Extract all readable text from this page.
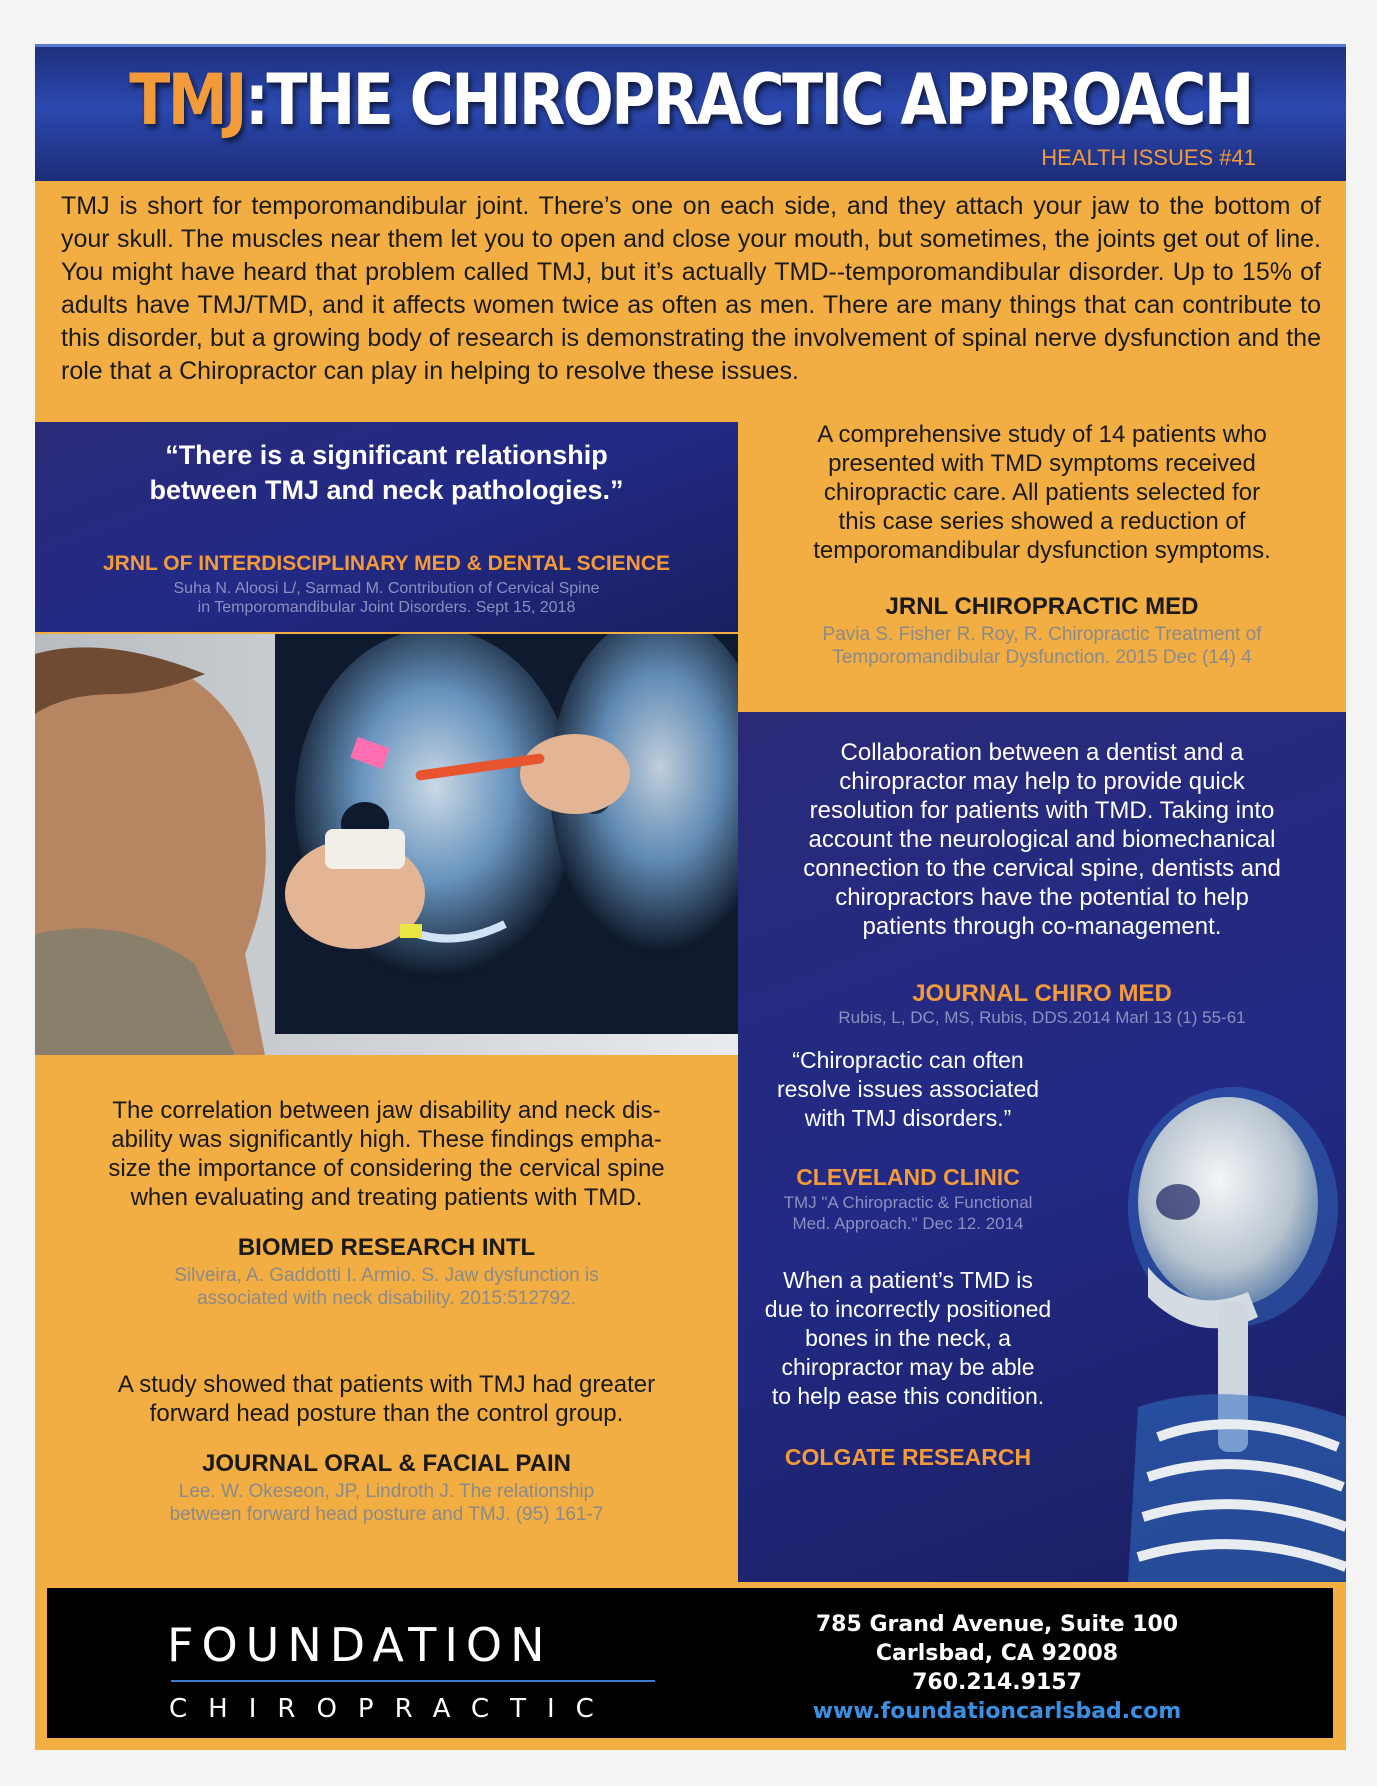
TMJ:THE CHIROPRACTIC APPROACH
HEALTH ISSUES #41

TMJ is short for temporomandibular joint. There’s one on each side, and they attach your jaw to the bottom of your skull. The muscles near them let you to open and close your mouth, but sometimes, the joints get out of line. You might have heard that problem called TMJ, but it’s actually TMD--temporomandibular disorder. Up to 15% of adults have TMJ/TMD, and it affects women twice as often as men. There are many things that can contribute to this disorder, but a growing body of research is demonstrating the involvement of spinal nerve dysfunction and the role that a Chiropractor can play in helping to resolve these issues.

“There is a significant relationship
between TMJ and neck pathologies.”
JRNL OF INTERDISCIPLINARY MED & DENTAL SCIENCE
Suha N. Aloosi L/, Sarmad M. Contribution of Cervical Spine
in Temporomandibular Joint Disorders. Sept 15, 2018
A comprehensive study of 14 patients who
presented with TMD symptoms received
chiropractic care. All patients selected for
this case series showed a reduction of
temporomandibular dysfunction symptoms.
JRNL CHIROPRACTIC MED
Pavia S. Fisher R. Roy, R. Chiropractic Treatment of
Temporomandibular Dysfunction. 2015 Dec (14) 4
Collaboration between a dentist and a
chiropractor may help to provide quick
resolution for patients with TMD. Taking into
account the neurological and biomechanical
connection to the cervical spine, dentists and
chiropractors have the potential to help
patients through co-management.
JOURNAL CHIRO MED
Rubis, L, DC, MS, Rubis, DDS.2014 Marl 13 (1) 55-61
“Chiropractic can often
resolve issues associated
with TMJ disorders.”
CLEVELAND CLINIC
TMJ "A Chiropractic & Functional
Med. Approach." Dec 12. 2014
When a patient’s TMD is
due to incorrectly positioned
bones in the neck, a
chiropractor may be able
to help ease this condition.
COLGATE RESEARCH
The correlation between jaw disability and neck dis-
ability was significantly high. These findings empha-
size the importance of considering the cervical spine
when evaluating and treating patients with TMD.
BIOMED RESEARCH INTL
Silveira, A. Gaddotti I. Armio. S. Jaw dysfunction is
associated with neck disability. 2015:512792.
A study showed that patients with TMJ had greater
forward head posture than the control group.
JOURNAL ORAL & FACIAL PAIN
Lee. W. Okeseon, JP, Lindroth J. The relationship
between forward head posture and TMJ. (95) 161-7
FOUNDATION
CHIROPRACTIC
785 Grand Avenue, Suite 100
Carlsbad, CA 92008
760.214.9157
www.foundationcarlsbad.com
